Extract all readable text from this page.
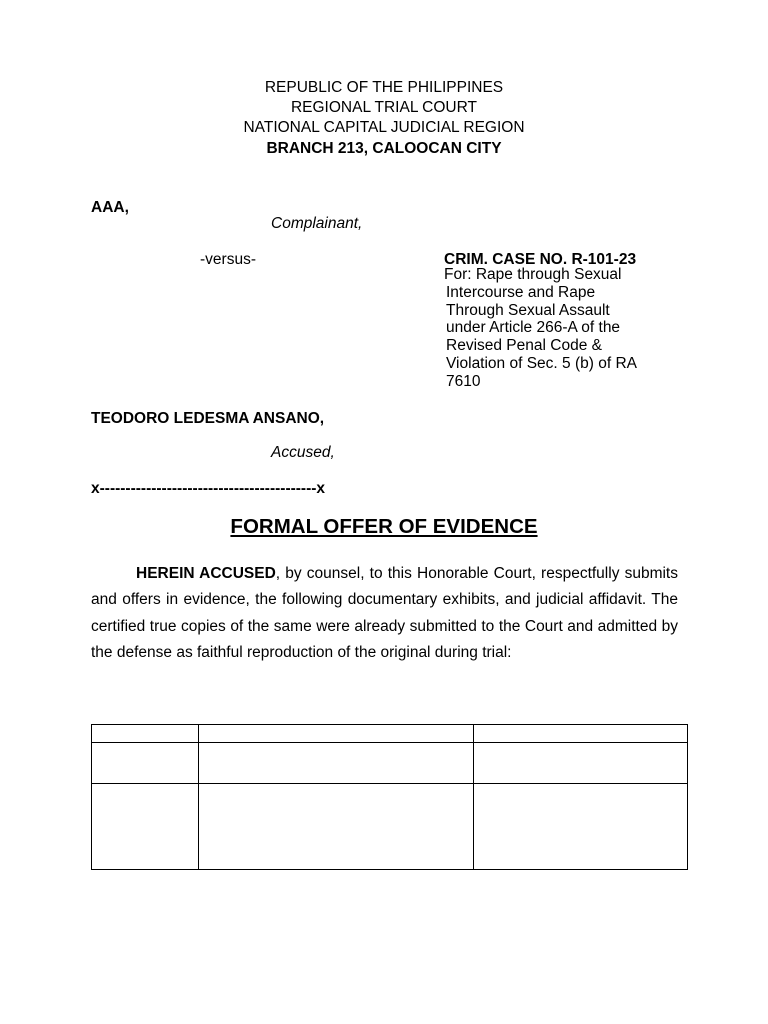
REPUBLIC OF THE PHILIPPINES
REGIONAL TRIAL COURT
NATIONAL CAPITAL JUDICIAL REGION
BRANCH 213, CALOOCAN CITY
AAA,
Complainant,
-versus-	CRIM. CASE NO. R-101-23
For: Rape through Sexual
Intercourse and Rape
Through Sexual Assault
under Article 266-A of the
Revised Penal Code &
Violation of Sec. 5 (b) of RA
7610
TEODORO LEDESMA ANSANO,
Accused,
x------------------------------------------x
FORMAL OFFER OF EVIDENCE
HEREIN ACCUSED, by counsel, to this Honorable Court, respectfully submits and offers in evidence, the following documentary exhibits, and judicial affidavit. The certified true copies of the same were already submitted to the Court and admitted by the defense as faithful reproduction of the original during trial:
